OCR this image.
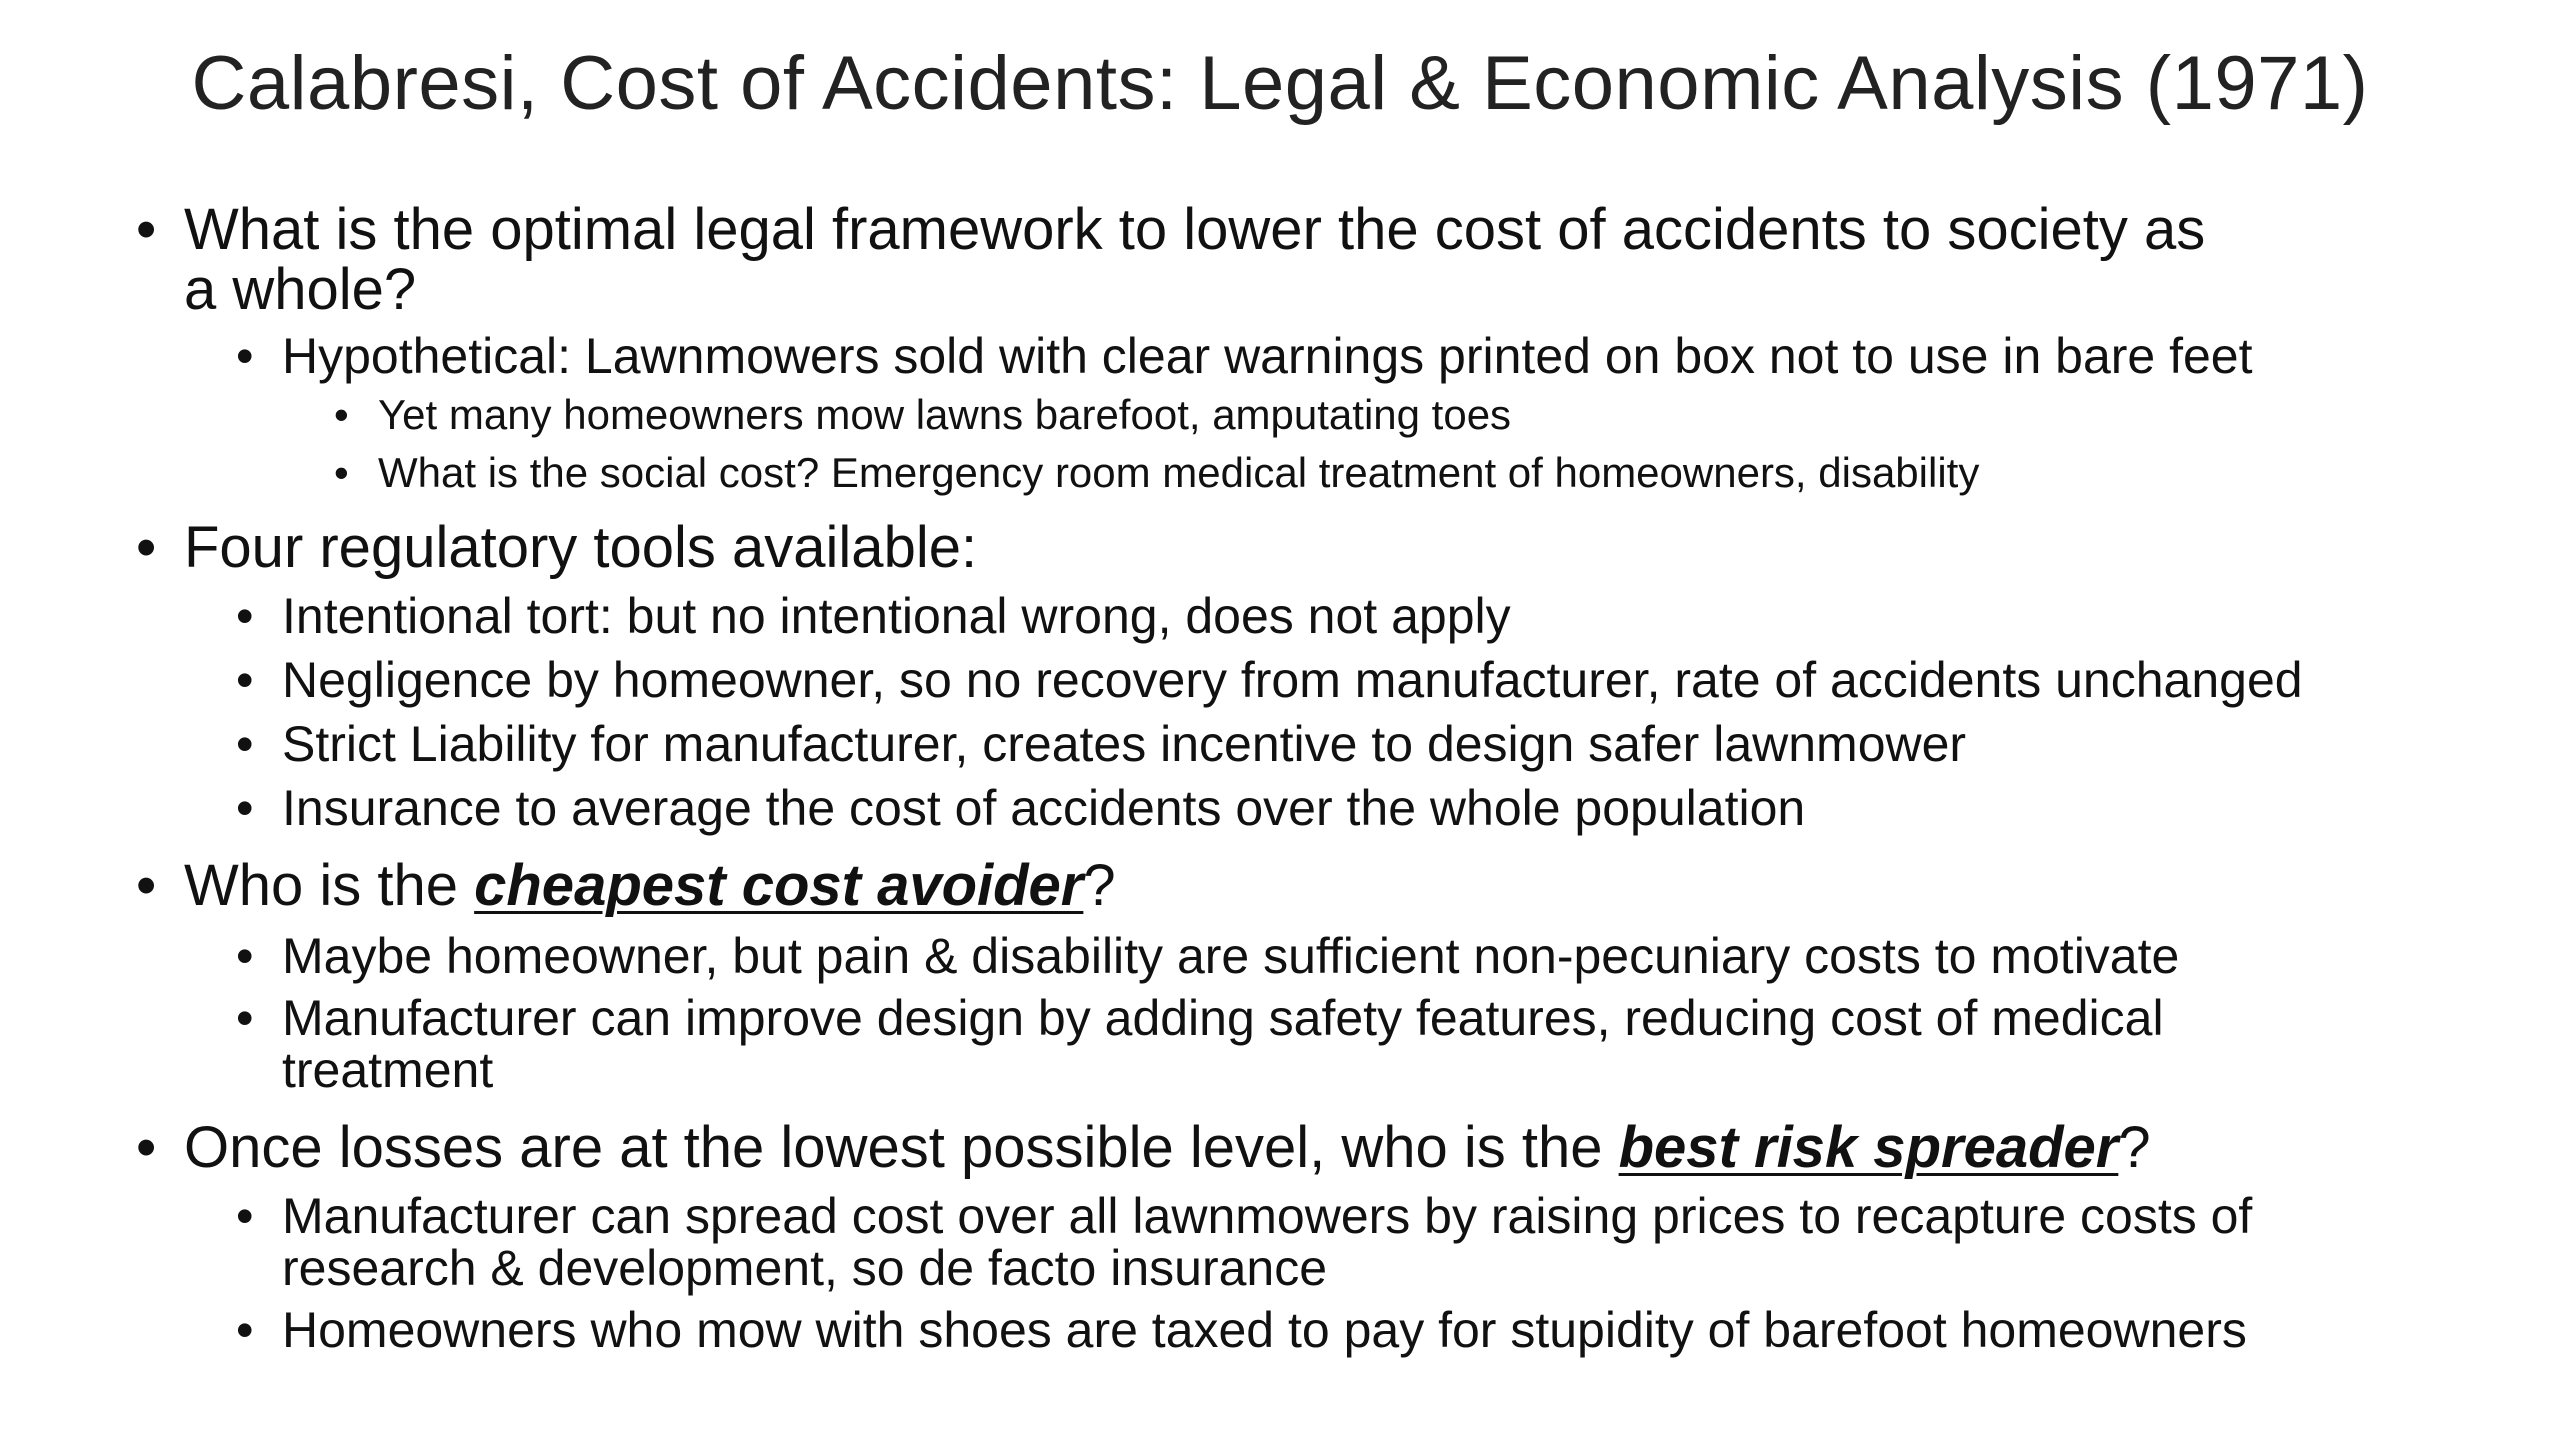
Calabresi, Cost of Accidents: Legal & Economic Analysis (1971)
• What is the optimal legal framework to lower the cost of accidents to society as
a whole?
• Hypothetical: Lawnmowers sold with clear warnings printed on box not to use in bare feet
• Yet many homeowners mow lawns barefoot, amputating toes
• What is the social cost? Emergency room medical treatment of homeowners, disability
• Four regulatory tools available:
• Intentional tort: but no intentional wrong, does not apply
• Negligence by homeowner, so no recovery from manufacturer, rate of accidents unchanged
• Strict Liability for manufacturer, creates incentive to design safer lawnmower
• Insurance to average the cost of accidents over the whole population
• Who is the cheapest cost avoider?
• Maybe homeowner, but pain & disability are sufficient non-pecuniary costs to motivate
• Manufacturer can improve design by adding safety features, reducing cost of medical
treatment
• Once losses are at the lowest possible level, who is the best risk spreader?
• Manufacturer can spread cost over all lawnmowers by raising prices to recapture costs of
research & development, so de facto insurance
• Homeowners who mow with shoes are taxed to pay for stupidity of barefoot homeowners
